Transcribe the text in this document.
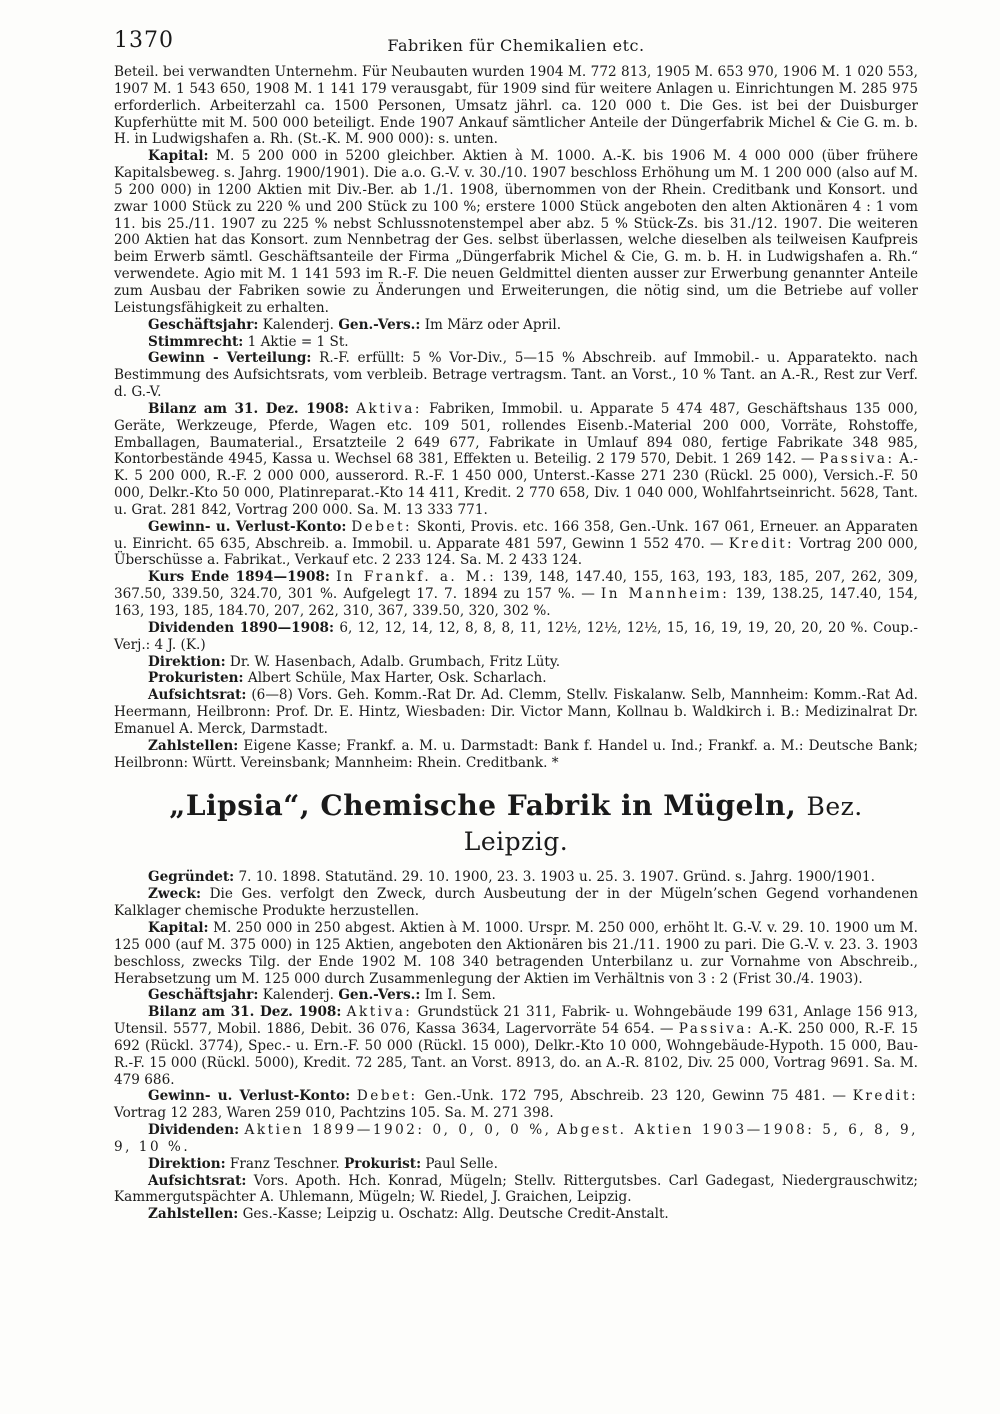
1370	Fabriken für Chemikalien etc.

Beteil. bei verwandten Unternehm. Für Neubauten wurden 1904 M. 772 813, 1905 M. 653 970, 1906 M. 1 020 553, 1907 M. 1 543 650, 1908 M. 1 141 179 verausgabt, für 1909 sind für weitere Anlagen u. Einrichtungen M. 285 975 erforderlich. Arbeiterzahl ca. 1500 Personen, Umsatz jährl. ca. 120 000 t. Die Ges. ist bei der Duisburger Kupferhütte mit M. 500 000 beteiligt. Ende 1907 Ankauf sämtlicher Anteile der Düngerfabrik Michel & Cie G. m. b. H. in Ludwigshafen a. Rh. (St.-K. M. 900 000): s. unten.

Kapital: M. 5 200 000 in 5200 gleichber. Aktien à M. 1000. A.-K. bis 1906 M. 4 000 000 (über frühere Kapitalsbeweg. s. Jahrg. 1900/1901). Die a.o. G.-V. v. 30./10. 1907 beschloss Erhöhung um M. 1 200 000 (also auf M. 5 200 000) in 1200 Aktien mit Div.-Ber. ab 1./1. 1908, übernommen von der Rhein. Creditbank und Konsort. und zwar 1000 Stück zu 220 % und 200 Stück zu 100 %; erstere 1000 Stück angeboten den alten Aktionären 4 : 1 vom 11. bis 25./11. 1907 zu 225 % nebst Schlussnotenstempel aber abz. 5 % Stück-Zs. bis 31./12. 1907. Die weiteren 200 Aktien hat das Konsort. zum Nennbetrag der Ges. selbst überlassen, welche dieselben als teilweisen Kaufpreis beim Erwerb sämtl. Geschäftsanteile der Firma „Düngerfabrik Michel & Cie, G. m. b. H. in Ludwigshafen a. Rh.“ verwendete. Agio mit M. 1 141 593 im R.-F. Die neuen Geldmittel dienten ausser zur Erwerbung genannter Anteile zum Ausbau der Fabriken sowie zu Änderungen und Erweiterungen, die nötig sind, um die Betriebe auf voller Leistungsfähigkeit zu erhalten.

Geschäftsjahr: Kalenderj. Gen.-Vers.: Im März oder April.

Stimmrecht: 1 Aktie = 1 St.

Gewinn - Verteilung: R.-F. erfüllt: 5 % Vor-Div., 5—15 % Abschreib. auf Immobil.- u. Apparatekto. nach Bestimmung des Aufsichtsrats, vom verbleib. Betrage vertragsm. Tant. an Vorst., 10 % Tant. an A.-R., Rest zur Verf. d. G.-V.

Bilanz am 31. Dez. 1908: Aktiva: Fabriken, Immobil. u. Apparate 5 474 487, Geschäftshaus 135 000, Geräte, Werkzeuge, Pferde, Wagen etc. 109 501, rollendes Eisenb.-Material 200 000, Vorräte, Rohstoffe, Emballagen, Baumaterial., Ersatzteile 2 649 677, Fabrikate in Umlauf 894 080, fertige Fabrikate 348 985, Kontorbestände 4945, Kassa u. Wechsel 68 381, Effekten u. Beteilig. 2 179 570, Debit. 1 269 142. — Passiva: A.-K. 5 200 000, R.-F. 2 000 000, ausserord. R.-F. 1 450 000, Unterst.-Kasse 271 230 (Rückl. 25 000), Versich.-F. 50 000, Delkr.-Kto 50 000, Platinreparat.-Kto 14 411, Kredit. 2 770 658, Div. 1 040 000, Wohlfahrtseinricht. 5628, Tant. u. Grat. 281 842, Vortrag 200 000. Sa. M. 13 333 771.

Gewinn- u. Verlust-Konto: Debet: Skonti, Provis. etc. 166 358, Gen.-Unk. 167 061, Erneuer. an Apparaten u. Einricht. 65 635, Abschreib. a. Immobil. u. Apparate 481 597, Gewinn 1 552 470. — Kredit: Vortrag 200 000, Überschüsse a. Fabrikat., Verkauf etc. 2 233 124. Sa. M. 2 433 124.

Kurs Ende 1894—1908: In Frankf. a. M.: 139, 148, 147.40, 155, 163, 193, 183, 185, 207, 262, 309, 367.50, 339.50, 324.70, 301 %. Aufgelegt 17. 7. 1894 zu 157 %. — In Mannheim: 139, 138.25, 147.40, 154, 163, 193, 185, 184.70, 207, 262, 310, 367, 339.50, 320, 302 %.

Dividenden 1890—1908: 6, 12, 12, 14, 12, 8, 8, 8, 11, 12½, 12½, 12½, 15, 16, 19, 19, 20, 20, 20 %. Coup.-Verj.: 4 J. (K.)

Direktion: Dr. W. Hasenbach, Adalb. Grumbach, Fritz Lüty.

Prokuristen: Albert Schüle, Max Harter, Osk. Scharlach.

Aufsichtsrat: (6—8) Vors. Geh. Komm.-Rat Dr. Ad. Clemm, Stellv. Fiskalanw. Selb, Mannheim: Komm.-Rat Ad. Heermann, Heilbronn: Prof. Dr. E. Hintz, Wiesbaden: Dir. Victor Mann, Kollnau b. Waldkirch i. B.: Medizinalrat Dr. Emanuel A. Merck, Darmstadt.

Zahlstellen: Eigene Kasse; Frankf. a. M. u. Darmstadt: Bank f. Handel u. Ind.; Frankf. a. M.: Deutsche Bank; Heilbronn: Württ. Vereinsbank; Mannheim: Rhein. Creditbank. *

„Lipsia“, Chemische Fabrik in Mügeln, Bez. Leipzig.

Gegründet: 7. 10. 1898. Statutänd. 29. 10. 1900, 23. 3. 1903 u. 25. 3. 1907. Gründ. s. Jahrg. 1900/1901.

Zweck: Die Ges. verfolgt den Zweck, durch Ausbeutung der in der Mügeln’schen Gegend vorhandenen Kalklager chemische Produkte herzustellen.

Kapital: M. 250 000 in 250 abgest. Aktien à M. 1000. Urspr. M. 250 000, erhöht lt. G.-V. v. 29. 10. 1900 um M. 125 000 (auf M. 375 000) in 125 Aktien, angeboten den Aktionären bis 21./11. 1900 zu pari. Die G.-V. v. 23. 3. 1903 beschloss, zwecks Tilg. der Ende 1902 M. 108 340 betragenden Unterbilanz u. zur Vornahme von Abschreib., Herabsetzung um M. 125 000 durch Zusammenlegung der Aktien im Verhältnis von 3 : 2 (Frist 30./4. 1903).

Geschäftsjahr: Kalenderj. Gen.-Vers.: Im I. Sem.

Bilanz am 31. Dez. 1908: Aktiva: Grundstück 21 311, Fabrik- u. Wohngebäude 199 631, Anlage 156 913, Utensil. 5577, Mobil. 1886, Debit. 36 076, Kassa 3634, Lagervorräte 54 654. — Passiva: A.-K. 250 000, R.-F. 15 692 (Rückl. 3774), Spec.- u. Ern.-F. 50 000 (Rückl. 15 000), Delkr.-Kto 10 000, Wohngebäude-Hypoth. 15 000, Bau-R.-F. 15 000 (Rückl. 5000), Kredit. 72 285, Tant. an Vorst. 8913, do. an A.-R. 8102, Div. 25 000, Vortrag 9691. Sa. M. 479 686.

Gewinn- u. Verlust-Konto: Debet: Gen.-Unk. 172 795, Abschreib. 23 120, Gewinn 75 481. — Kredit: Vortrag 12 283, Waren 259 010, Pachtzins 105. Sa. M. 271 398.

Dividenden: Aktien 1899—1902: 0, 0, 0, 0 %, Abgest. Aktien 1903—1908: 5, 6, 8, 9, 9, 10 %.

Direktion: Franz Teschner. Prokurist: Paul Selle.

Aufsichtsrat: Vors. Apoth. Hch. Konrad, Mügeln; Stellv. Rittergutsbes. Carl Gadegast, Niedergrauschwitz; Kammergutspächter A. Uhlemann, Mügeln; W. Riedel, J. Graichen, Leipzig.

Zahlstellen: Ges.-Kasse; Leipzig u. Oschatz: Allg. Deutsche Credit-Anstalt.
